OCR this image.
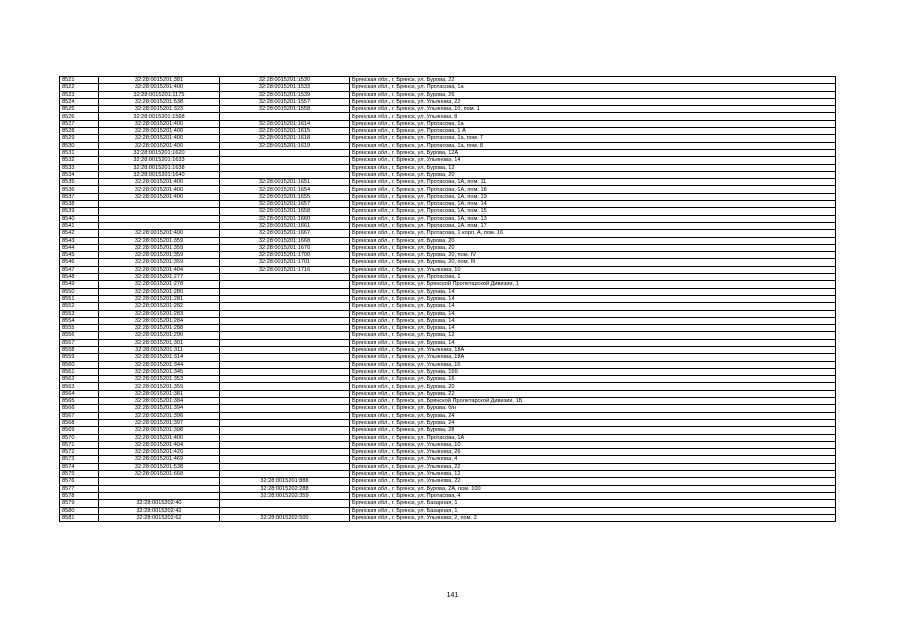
8521	32:28:0015201:381	32:28:0015201:1530	Брянская обл., г. Брянск, ул. Бурова, 22
8522	32:28:0015201:400	32:28:0015201:1533	Брянская обл., г. Брянск, ул. Протасова, 1а
8523	32:28:0015201:1175	32:28:0015201:1539	Брянская обл., г. Брянск, ул. Бурова, 26
8524	32:28:0015201:538	32:28:0015201:1557	Брянская обл., г. Брянск, ул. Ульянова, 22
8525	32:28:0015201:323	32:28:0015201:1558	Брянская обл., г. Брянск, ул. Ульянова, 10, пом. 1
8526	32:28:0015201:1568		Брянская обл., г. Брянск, ул. Ульянова, 8
8527	32:28:0015201:400	32:28:0015201:1614	Брянская обл., г. Брянск, ул. Протасова, 1а
8528	32:28:0015201:400	32:28:0015201:1615	Брянская обл., г. Брянск, ул. Протасова, 1 А
8529	32:28:0015201:400	32:28:0015201:1618	Брянская обл., г. Брянск, ул. Протасова, 1а, пом. 7
8530	32:28:0015201:400	32:28:0015201:1619	Брянская обл., г. Брянск, ул. Протасова, 1а, пом. 8
8531	32:28:0015201:1620		Брянская обл., г. Брянск, ул. Бурова, 12А
8532	32:28:0015201:1633		Брянская обл., г. Брянск, ул. Ульянова, 14
8533	32:28:0015201:1638		Брянская обл., г. Брянск, ул. Бурова, 12
8534	32:28:0015201:1640		Брянская обл., г. Брянск, ул. Бурова, 20
8535	32:28:0015201:400	32:28:0015201:1651	Брянская обл., г. Брянск, ул. Протасова, 1А, пом. 11
8536	32:28:0015201:400	32:28:0015201:1654	Брянская обл., г. Брянск, ул. Протасова, 1А, пом. 18
8537	32:28:0015201:400	32:28:0015201:1655	Брянская обл., г. Брянск, ул. Протасова, 1А, пом. 19
8538		32:28:0015201:1657	Брянская обл., г. Брянск, ул. Протасова, 1А, пом. 14
8539		32:28:0015201:1658	Брянская обл., г. Брянск, ул. Протасова, 1А, пом. 15
8540		32:28:0015201:1660	Брянская обл., г. Брянск, ул. Протасова, 1А, пом. 13
8541		32:28:0015201:1661	Брянская обл., г. Брянск, ул. Протасова, 1А, пом. 17
8542	32:28:0015201:400	32:28:0015201:1667	Брянская обл., г. Брянск, ул. Протасова, 1 корп. А, пом. 16
8543	32:28:0015201:359	32:28:0015201:1668	Брянская обл., г. Брянск, ул. Бурова, 20
8544	32:28:0015201:359	32:28:0015201:1670	Брянская обл., г. Брянск, ул. Бурова, 20
8545	32:28:0015201:359	32:28:0015201:1700	Брянская обл., г. Брянск, ул. Бурова, 20, пом. IV
8546	32:28:0015201:359	32:28:0015201:1701	Брянская обл., г. Брянск, ул. Бурова, 20, пом. III
8547	32:28:0015201:404	32:28:0015201:1716	Брянская обл., г. Брянск, ул. Ульянова, 10
8548	32:28:0015201:277		Брянская обл., г. Брянск, ул. Протасова, 1
8549	32:28:0015201:278		Брянская обл., г. Брянск, ул. Брянской Пролетарской Дивизии, 1
8550	32:28:0015201:280		Брянская обл., г. Брянск, ул. Бурова, 14
8551	32:28:0015201:281		Брянская обл., г. Брянск, ул. Бурова, 14
8552	32:28:0015201:282		Брянская обл., г. Брянск, ул. Бурова, 14
8553	32:28:0015201:283		Брянская обл., г. Брянск, ул. Бурова, 14
8554	32:28:0015201:284		Брянская обл., г. Брянск, ул. Бурова, 14
8555	32:28:0015201:288		Брянская обл., г. Брянск, ул. Бурова, 14
8556	32:28:0015201:290		Брянская обл., г. Брянск, ул. Бурова, 12
8557	32:28:0015201:301		Брянская обл., г. Брянск, ул. Бурова, 14
8558	32:28:0015201:311		Брянская обл., г. Брянск, ул. Ульянова, 18А
8559	32:28:0015201:314		Брянская обл., г. Брянск, ул. Ульянова, 18А
8560	32:28:0015201:344		Брянская обл., г. Брянск, ул. Ульянова, 16
8561	32:28:0015201:345		Брянская обл., г. Брянск, ул. Бурова, 16б
8562	32:28:0015201:353		Брянская обл., г. Брянск, ул. Бурова, 16
8563	32:28:0015201:359		Брянская обл., г. Брянск, ул. Бурова, 20
8564	32:28:0015201:381		Брянская обл., г. Брянск, ул. Бурова, 22
8565	32:28:0015201:384		Брянская обл., г. Брянск, ул. Брянской Пролетарской Дивизии, 1Б
8566	32:28:0015201:394		Брянская обл., г. Брянск, ул. Бурова, б/н
8567	32:28:0015201:396		Брянская обл., г. Брянск, ул. Бурова, 24
8568	32:28:0015201:397		Брянская обл., г. Брянск, ул. Бурова, 24
8569	32:28:0015201:398		Брянская обл., г. Брянск, ул. Бурова, 28
8570	32:28:0015201:400		Брянская обл., г. Брянск, ул. Протасова, 1А
8571	32:28:0015201:404		Брянская обл., г. Брянск, ул. Ульянова, 10
8572	32:28:0015201:420		Брянская обл., г. Брянск, ул. Ульянова, 26
8573	32:28:0015201:469		Брянская обл., г. Брянск, ул. Ульянова, 4
8574	32:28:0015201:538		Брянская обл., г. Брянск, ул. Ульянова, 22
8575	32:28:0015201:668		Брянская обл., г. Брянск, ул. Ульянова, 12
8576		32:28:0015201:888	Брянская обл., г. Брянск, ул. Ульянова, 22
8577		32:28:0015202:288	Брянская обл., г. Брянск, ул. Бурова, 2А, пом. 100
8578		32:28:0015202:359	Брянская обл., г. Брянск, ул. Протасова, 4
8579	32:28:0015202:40		Брянская обл., г. Брянск, ул. Базарная, 1
8580	32:28:0015202:42		Брянская обл., г. Брянск, ул. Базарная, 1
8581	32:28:0015202:62	32:28:0015202:500	Брянская обл., г. Брянск, ул. Ульянова, 2, пом. 2
141
